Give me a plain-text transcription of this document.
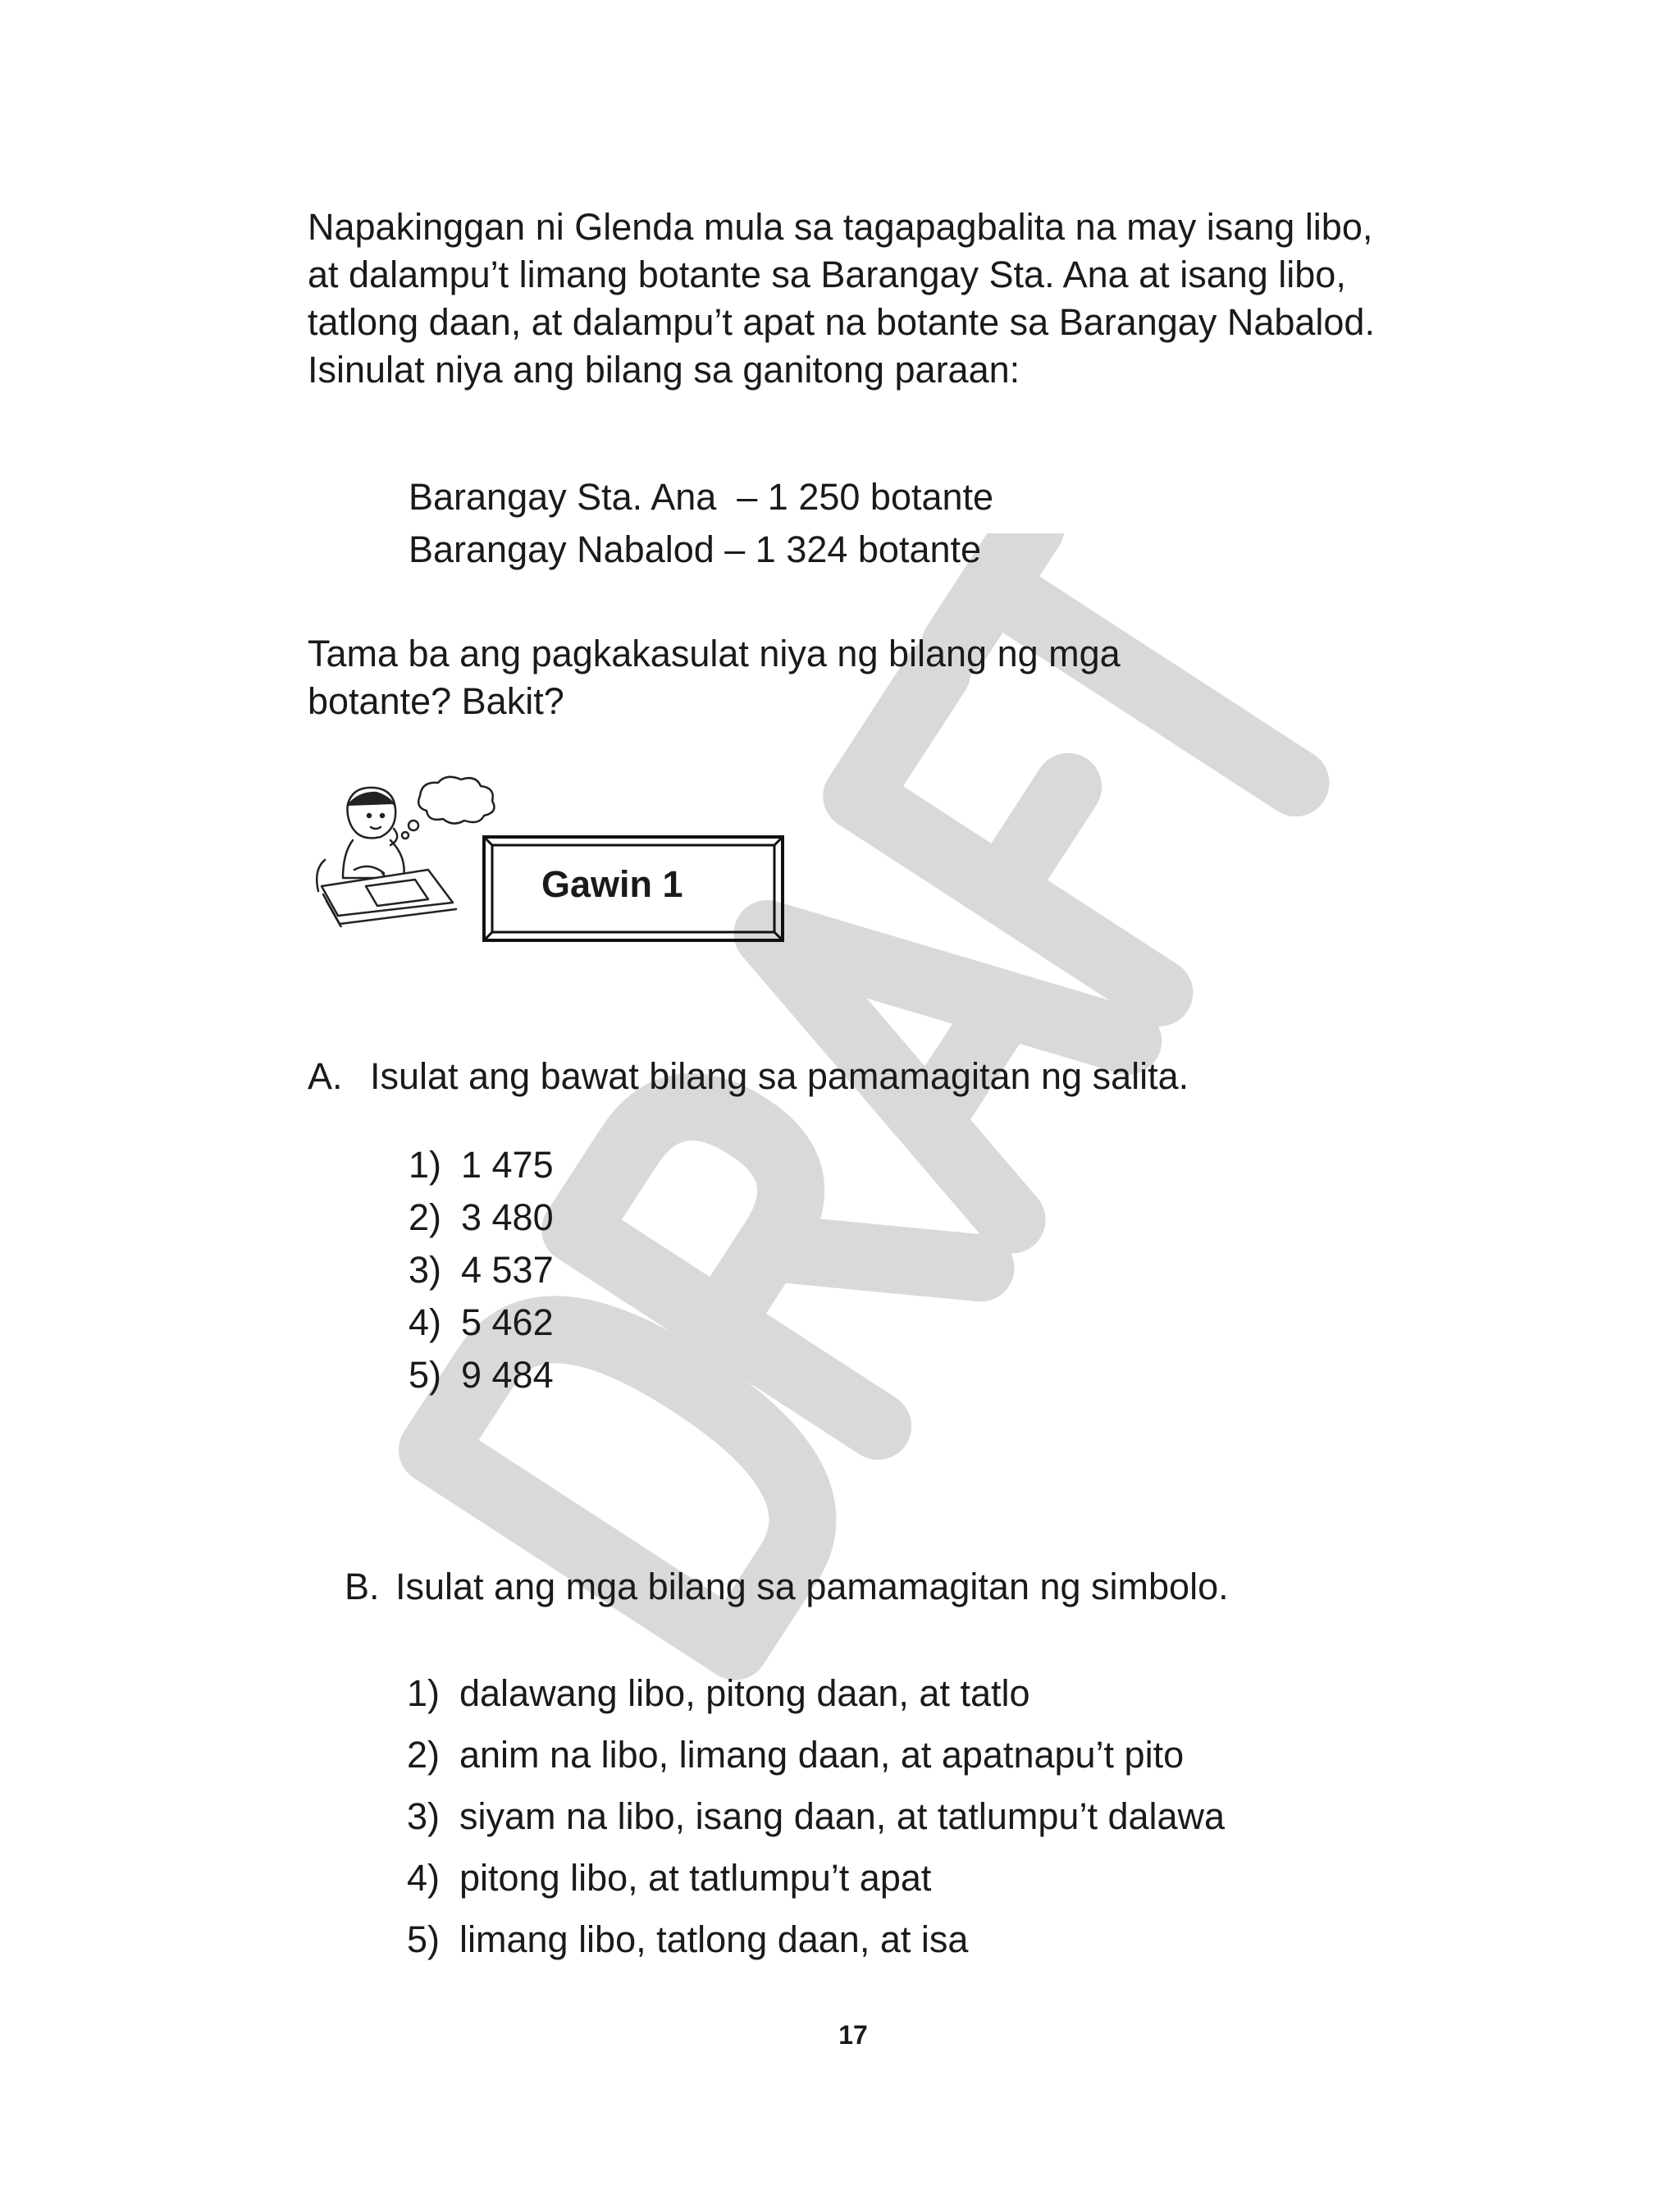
Napakinggan ni Glenda mula sa tagapagbalita na may isang libo,

at dalampu’t limang botante sa Barangay Sta. Ana at isang libo,

tatlong daan, at dalampu’t apat na botante sa Barangay Nabalod.

Isinulat niya ang bilang sa ganitong paraan:

Barangay Sta. Ana  – 1 250 botante
Barangay Nabalod – 1 324 botante

Tama ba ang pagkakasulat niya ng bilang ng mga

botante? Bakit?

Gawin 1
A. Isulat ang bawat bilang sa pamamagitan ng salita.
1) 1 475
2) 3 480
3) 4 537
4) 5 462
5) 9 484
B. Isulat ang mga bilang sa pamamagitan ng simbolo.
1) dalawang libo, pitong daan, at tatlo
2) anim na libo, limang daan, at apatnapu’t pito
3) siyam na libo, isang daan, at tatlumpu’t dalawa
4) pitong libo, at tatlumpu’t apat
5) limang libo, tatlong daan, at isa
17
